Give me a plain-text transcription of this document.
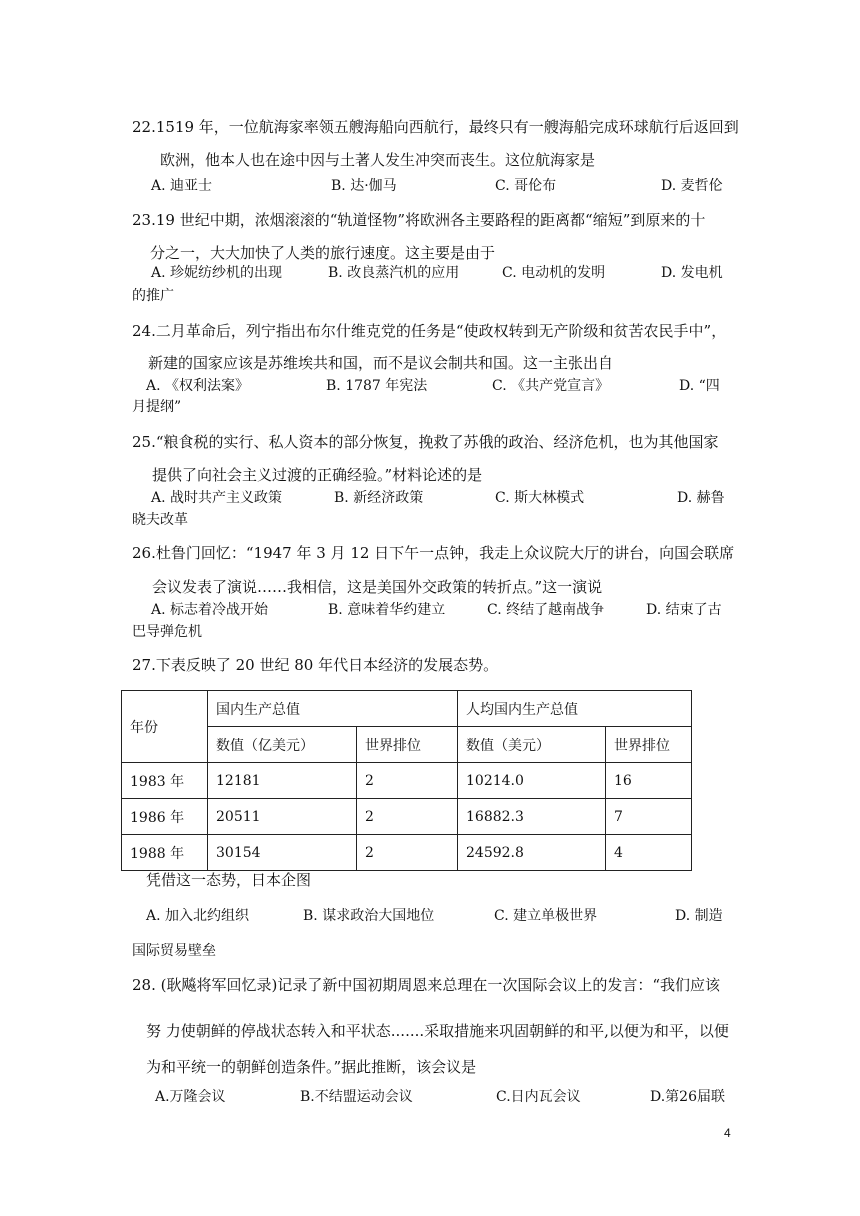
22.1519 年，一位航海家率领五艘海船向西航行，最终只有一艘海船完成环球航行后返回到
欧洲，他本人也在途中因与土著人发生冲突而丧生。这位航海家是
A. 迪亚士	B. 达·伽马	C. 哥伦布	D. 麦哲伦
23.19 世纪中期，浓烟滚滚的“轨道怪物”将欧洲各主要路程的距离都“缩短”到原来的十
分之一，大大加快了人类的旅行速度。这主要是由于
A. 珍妮纺纱机的出现	B. 改良蒸汽机的应用	C. 电动机的发明	D. 发电机
的推广
24.二月革命后，列宁指出布尔什维克党的任务是“使政权转到无产阶级和贫苦农民手中”，
新建的国家应该是苏维埃共和国，而不是议会制共和国。这一主张出自
A. 《权利法案》	B. 1787 年宪法	C. 《共产党宣言》	D. “四
月提纲”
25.“粮食税的实行、私人资本的部分恢复，挽救了苏俄的政治、经济危机，也为其他国家
提供了向社会主义过渡的正确经验。”材料论述的是
A. 战时共产主义政策	B. 新经济政策	C. 斯大林模式	D. 赫鲁
晓夫改革
26.杜鲁门回忆：“1947 年 3 月 12 日下午一点钟，我走上众议院大厅的讲台，向国会联席
会议发表了演说……我相信，这是美国外交政策的转折点。”这一演说
A. 标志着冷战开始	B. 意味着华约建立	C. 终结了越南战争	D. 结束了古
巴导弹危机
27.下表反映了 20 世纪 80 年代日本经济的发展态势。
年份	国内生产总值		人均国内生产总值	
	数值（亿美元）	世界排位	数值（美元）	世界排位
1983 年	12181	2	10214.0	16
1986 年	20511	2	16882.3	7
1988 年	30154	2	24592.8	4
凭借这一态势，日本企图
A. 加入北约组织	B. 谋求政治大国地位	C. 建立单极世界	D. 制造
国际贸易壁垒
28. (耿飚将军回忆录)记录了新中国初期周恩来总理在一次国际会议上的发言：“我们应该
努 力使朝鲜的停战状态转入和平状态.......采取措施来巩固朝鲜的和平,以便为和平，以便
为和平统一的朝鲜创造条件。”据此推断，该会议是
A.万隆会议	B.不结盟运动会议	C.日内瓦会议	D.第26届联
4
